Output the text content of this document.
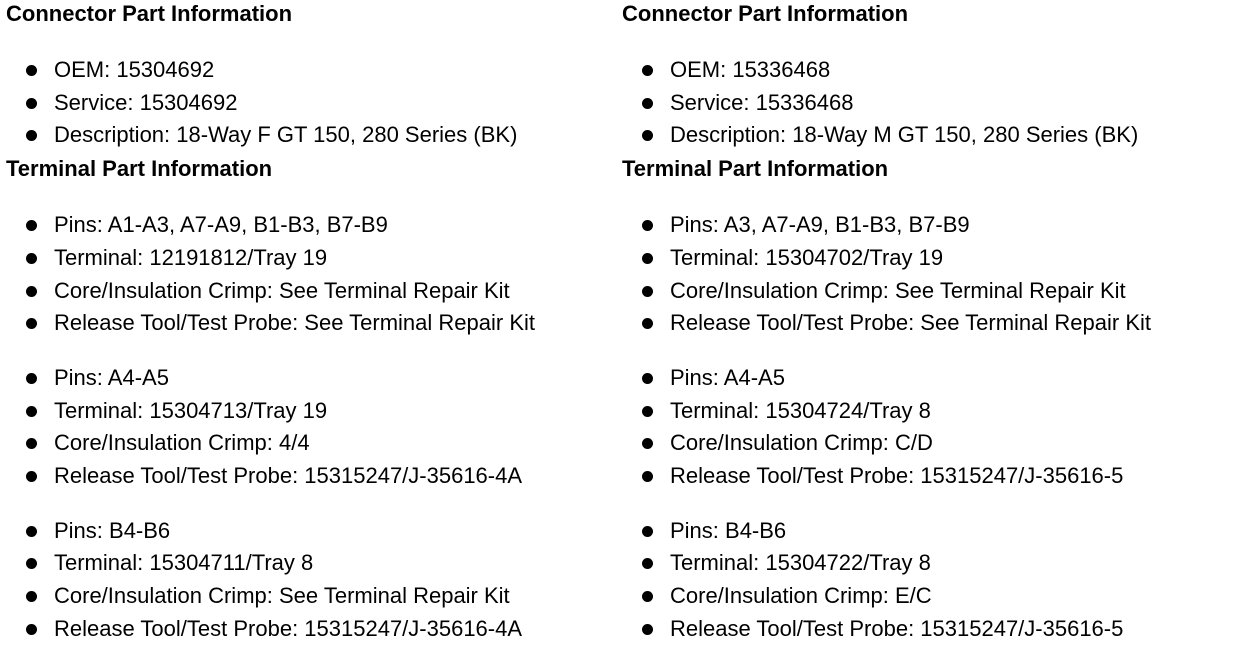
Connector Part Information
OEM: 15304692
Service: 15304692
Description: 18-Way F GT 150, 280 Series (BK)
Terminal Part Information
Pins: A1-A3, A7-A9, B1-B3, B7-B9
Terminal: 12191812/Tray 19
Core/Insulation Crimp: See Terminal Repair Kit
Release Tool/Test Probe: See Terminal Repair Kit
Pins: A4-A5
Terminal: 15304713/Tray 19
Core/Insulation Crimp: 4/4
Release Tool/Test Probe: 15315247/J-35616-4A
Pins: B4-B6
Terminal: 15304711/Tray 8
Core/Insulation Crimp: See Terminal Repair Kit
Release Tool/Test Probe: 15315247/J-35616-4A
Connector Part Information
OEM: 15336468
Service: 15336468
Description: 18-Way M GT 150, 280 Series (BK)
Terminal Part Information
Pins: A3, A7-A9, B1-B3, B7-B9
Terminal: 15304702/Tray 19
Core/Insulation Crimp: See Terminal Repair Kit
Release Tool/Test Probe: See Terminal Repair Kit
Pins: A4-A5
Terminal: 15304724/Tray 8
Core/Insulation Crimp: C/D
Release Tool/Test Probe: 15315247/J-35616-5
Pins: B4-B6
Terminal: 15304722/Tray 8
Core/Insulation Crimp: E/C
Release Tool/Test Probe: 15315247/J-35616-5
